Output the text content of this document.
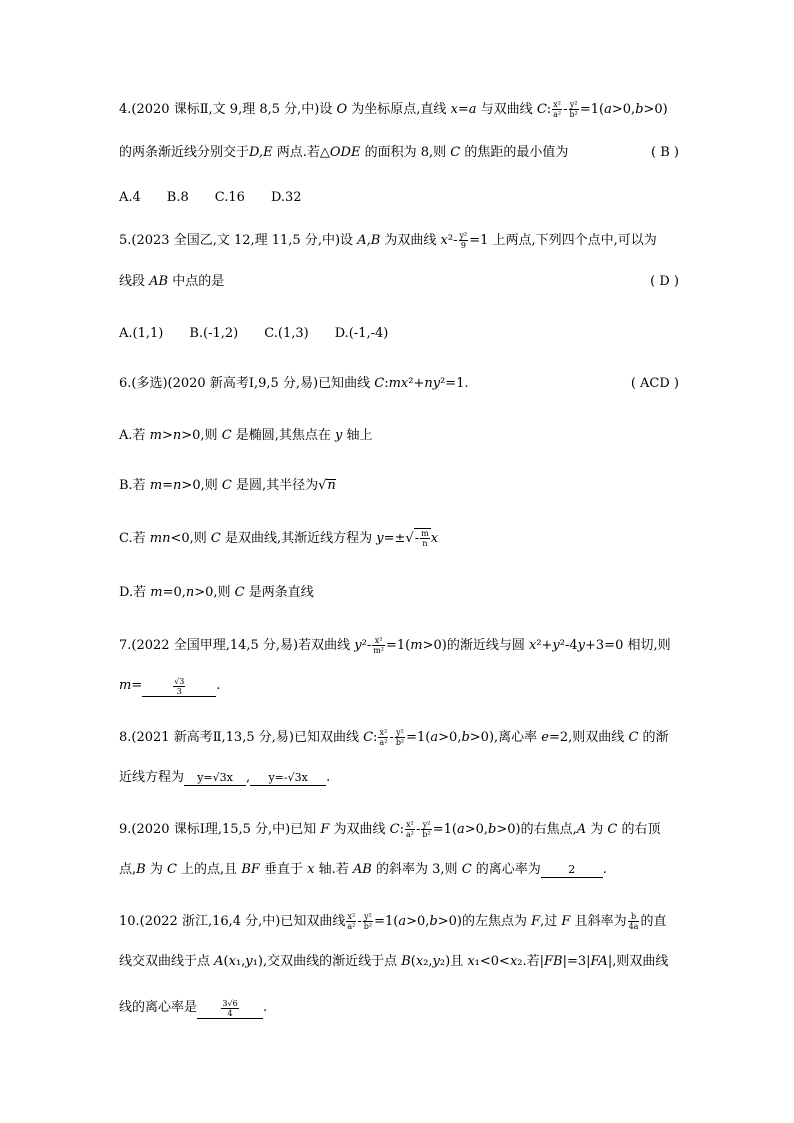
4.(2020 课标Ⅱ,文 9,理 8,5 分,中)设 O 为坐标原点,直线 x=a 与双曲线 C: $\frac{\text{x²}}{\text{a²}} - \frac{\text{y²}}{\text{b²}} =1(a>0,b>0)$
的两条渐近线分别交于D,E 两点.若△ODE 的面积为 8,则 C 的焦距的最小值为	( B )
A.4 B.8 C.16 D.32
5.(2023 全国乙,文 12,理 11,5 分,中)设 A,B 为双曲线 $x^2- \frac{\text{y²}}{9} =1$ 上两点,下列四个点中,可以为
线段 AB 中点的是	( D )
A.(1,1) B.(-1,2) C.(1,3) D.(-1,-4)
6.(多选)(2020 新高考Ⅰ,9,5 分,易)已知曲线 C:mx²+ny²=1.	( ACD )
A.若 m>n>0,则 C 是椭圆,其焦点在 y 轴上
B.若 m=n>0,则 C 是圆,其半径为√n
C.若 mn<0,则 C 是双曲线,其渐近线方程为 $y=\pm√- \frac{m}{n}$ x
D.若 m=0,n>0,则 C 是两条直线
7.(2022 全国甲理,14,5 分,易)若双曲线 $y^2- \frac{\text{x²}}{\text{m²}} =1(m>0)$的渐近线与圆 x²+y²-4y+3=0 相切,则
m=	$\frac{√3}{3}$ .
8.(2021 新高考Ⅱ,13,5 分,易)已知双曲线 C: $\frac{\text{x²}}{\text{a²}} - \frac{\text{y²}}{\text{b²}} =1(a>0,b>0)$,离心率 e=2,则双曲线 C 的渐
近线方程为 y=√3x , y=-√3x .
9.(2020 课标Ⅰ理,15,5 分,中)已知 F 为双曲线 C: $\frac{\text{x²}}{\text{a²}} - \frac{\text{y²}}{\text{b²}} =1(a>0,b>0)$的右焦点,A 为 C 的右顶
点,B 为 C 上的点,且 BF 垂直于 x 轴.若 AB 的斜率为 3,则 C 的离心率为	2 .
10.(2022 浙江,16,4 分,中)已知双曲线 $\frac{\text{x²}}{\text{a²}} - \frac{\text{y²}}{\text{b²}} =1(a>0,b>0)$的左焦点为 F,过 F 且斜率为 $\frac{b}{4a}$ 的直
线交双曲线于点 A(x₁,y₁),交双曲线的渐近线于点 B(x₂,y₂)且 x₁<0<x₂.若|FB|=3|FA|,则双曲线
线的离心率是	$\frac{3√6}{4}$ .
